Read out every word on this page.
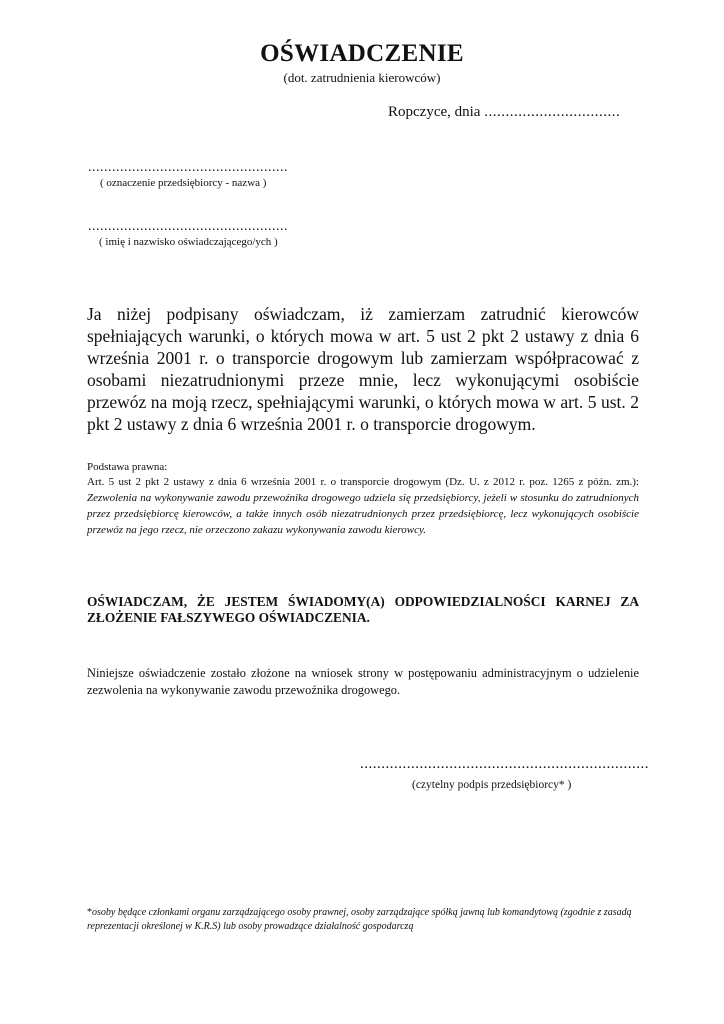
OŚWIADCZENIE
(dot. zatrudnienia kierowców)
Ropczyce, dnia ................................
..................................................
( oznaczenie przedsiębiorcy - nazwa )
..................................................
( imię i nazwisko oświadczającego/ych )
Ja niżej podpisany oświadczam, iż zamierzam zatrudnić kierowców spełniających warunki, o których mowa w art. 5 ust 2 pkt 2 ustawy z dnia 6 września 2001 r. o transporcie drogowym lub zamierzam współpracować z osobami niezatrudnionymi przeze mnie, lecz wykonującymi osobiście przewóz na moją rzecz, spełniającymi warunki, o których mowa w art. 5 ust. 2 pkt 2 ustawy z dnia 6 września 2001 r. o transporcie drogowym.
Podstawa prawna:
Art. 5 ust 2 pkt 2 ustawy z dnia 6 września 2001 r. o transporcie drogowym (Dz. U. z 2012 r. poz. 1265 z późn. zm.): Zezwolenia na wykonywanie zawodu przewoźnika drogowego udziela się przedsiębiorcy, jeżeli w stosunku do zatrudnionych przez przedsiębiorcę kierowców, a także innych osób niezatrudnionych przez przedsiębiorcę, lecz wykonujących osobiście przewóz na jego rzecz, nie orzeczono zakazu wykonywania zawodu kierowcy.
OŚWIADCZAM, ŻE JESTEM ŚWIADOMY(A) ODPOWIEDZIALNOŚCI KARNEJ ZA ZŁOŻENIE FAŁSZYWEGO OŚWIADCZENIA.
Niniejsze oświadczenie zostało złożone na wniosek strony w postępowaniu administracyjnym o udzielenie zezwolenia na wykonywanie zawodu przewoźnika drogowego.
....................................................................
(czytelny podpis przedsiębiorcy* )
*osoby będące członkami organu zarządzającego osoby prawnej, osoby zarządzające spółką jawną lub komandytową (zgodnie z zasadą reprezentacji określonej w K.R.S) lub osoby prowadzące działalność gospodarczą
